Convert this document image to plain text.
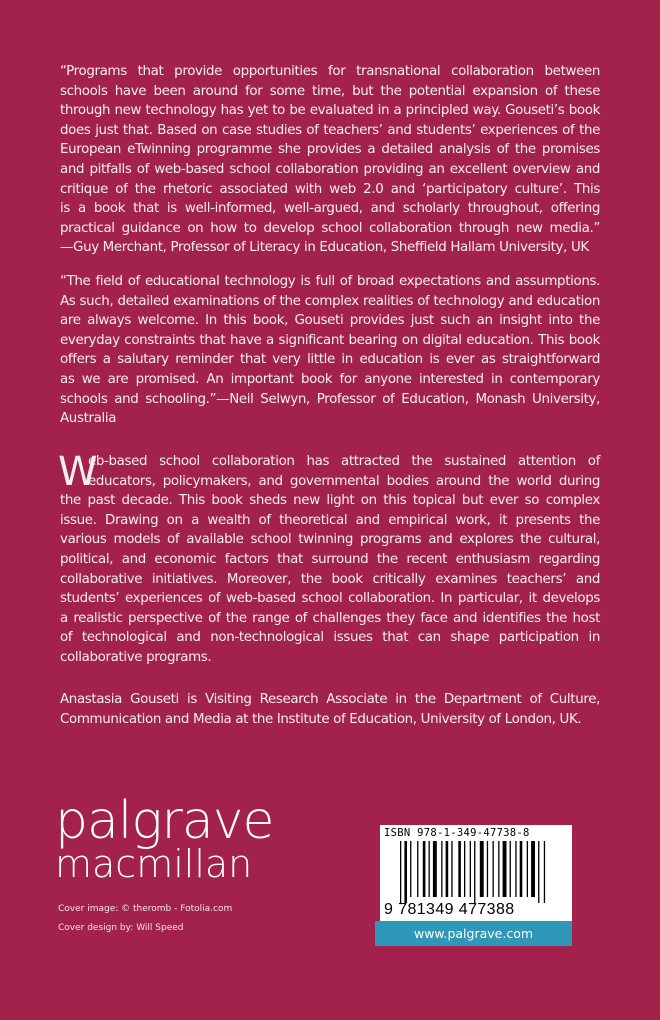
“Programs that provide opportunities for transnational collaboration between
schools have been around for some time, but the potential expansion of these
through new technology has yet to be evaluated in a principled way. Gouseti’s book
does just that. Based on case studies of teachers’ and students’ experiences of the
European eTwinning programme she provides a detailed analysis of the promises
and pitfalls of web-based school collaboration providing an excellent overview and
critique of the rhetoric associated with web 2.0 and ‘participatory culture’. This
is a book that is well-informed, well-argued, and scholarly throughout, offering
practical guidance on how to develop school collaboration through new media.”
—Guy Merchant, Professor of Literacy in Education, Sheffield Hallam University, UK
“The field of educational technology is full of broad expectations and assumptions.
As such, detailed examinations of the complex realities of technology and education
are always welcome. In this book, Gouseti provides just such an insight into the
everyday constraints that have a significant bearing on digital education. This book
offers a salutary reminder that very little in education is ever as straightforward
as we are promised. An important book for anyone interested in contemporary
schools and schooling.”—Neil Selwyn, Professor of Education, Monash University,
Australia
W
eb-based school collaboration has attracted the sustained attention of
educators, policymakers, and governmental bodies around the world during
the past decade. This book sheds new light on this topical but ever so complex
issue. Drawing on a wealth of theoretical and empirical work, it presents the
various models of available school twinning programs and explores the cultural,
political, and economic factors that surround the recent enthusiasm regarding
collaborative initiatives. Moreover, the book critically examines teachers’ and
students’ experiences of web-based school collaboration. In particular, it develops
a realistic perspective of the range of challenges they face and identifies the host
of technological and non-technological issues that can shape participation in
collaborative programs.
Anastasia Gouseti is Visiting Research Associate in the Department of Culture,
Communication and Media at the Institute of Education, University of London, UK.
palgrave
macmillan
Cover image: © theromb - Fotolia.com
Cover design by: Will Speed
ISBN 978-1-349-47738-8
9 781349 477388
www.palgrave.com
